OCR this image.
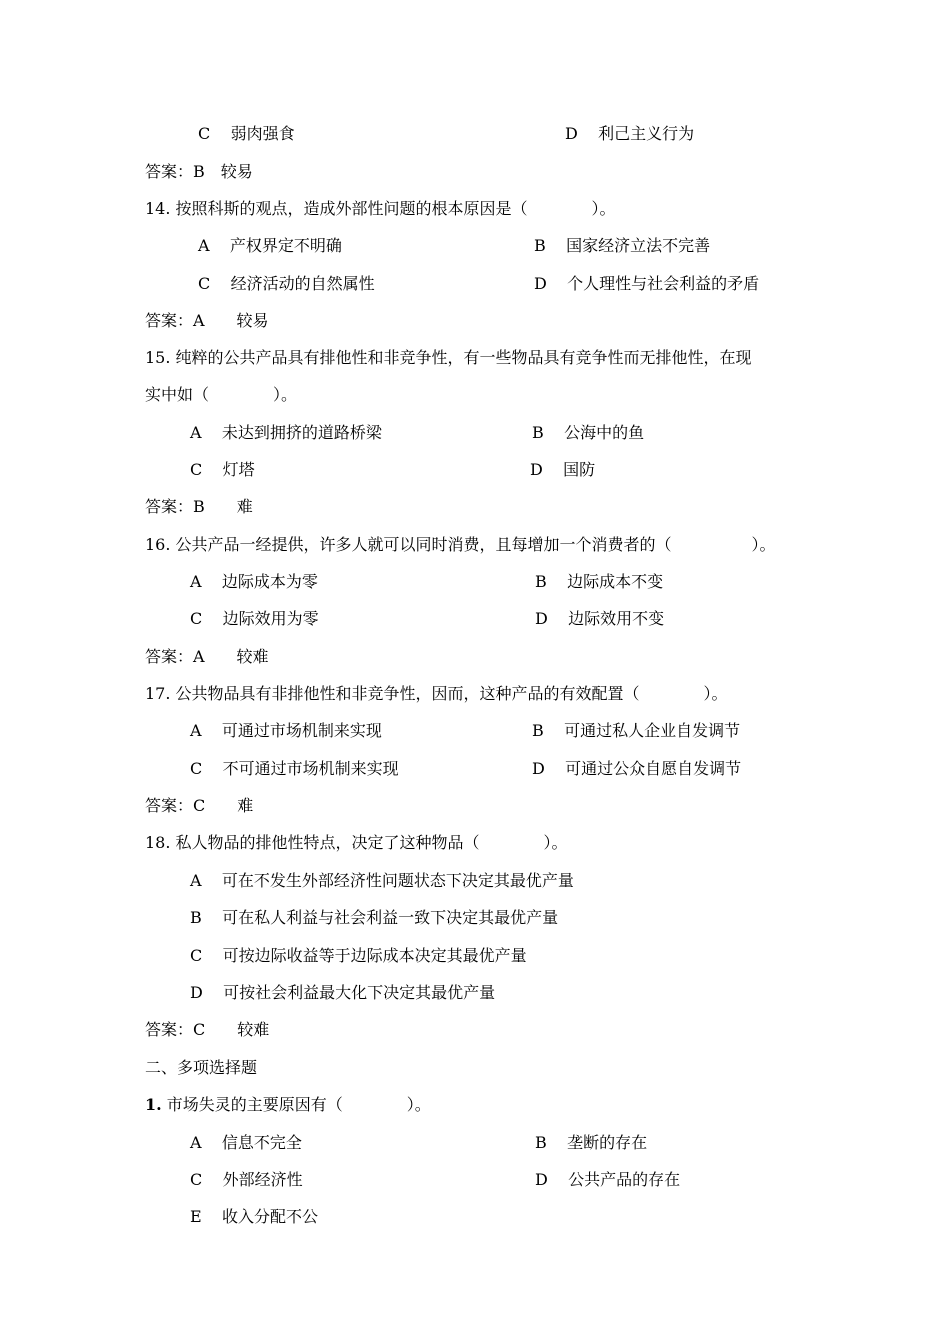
C 弱肉强食	D 利己主义行为
答案：B　较易
14. 按照科斯的观点，造成外部性问题的根本原因是（　　　　）。
A 产权界定不明确	B 国家经济立法不完善
C 经济活动的自然属性	D 个人理性与社会利益的矛盾
答案：A　　较易
15. 纯粹的公共产品具有排他性和非竞争性，有一些物品具有竞争性而无排他性，在现
实中如（　　　　）。
A 未达到拥挤的道路桥梁	B 公海中的鱼
C 灯塔	D 国防
答案：B　　难
16. 公共产品一经提供，许多人就可以同时消费，且每增加一个消费者的（　　　　　）。
A 边际成本为零	B 边际成本不变
C 边际效用为零	D 边际效用不变
答案：A　　较难
17. 公共物品具有非排他性和非竞争性，因而，这种产品的有效配置（　　　　）。
A 可通过市场机制来实现	B 可通过私人企业自发调节
C 不可通过市场机制来实现	D 可通过公众自愿自发调节
答案：C　　难
18. 私人物品的排他性特点，决定了这种物品（　　　　）。
A 可在不发生外部经济性问题状态下决定其最优产量
B 可在私人利益与社会利益一致下决定其最优产量
C 可按边际收益等于边际成本决定其最优产量
D 可按社会利益最大化下决定其最优产量
答案：C　　较难
二、多项选择题
1. 市场失灵的主要原因有（　　　　）。
A 信息不完全	B 垄断的存在
C 外部经济性	D 公共产品的存在
E 收入分配不公
